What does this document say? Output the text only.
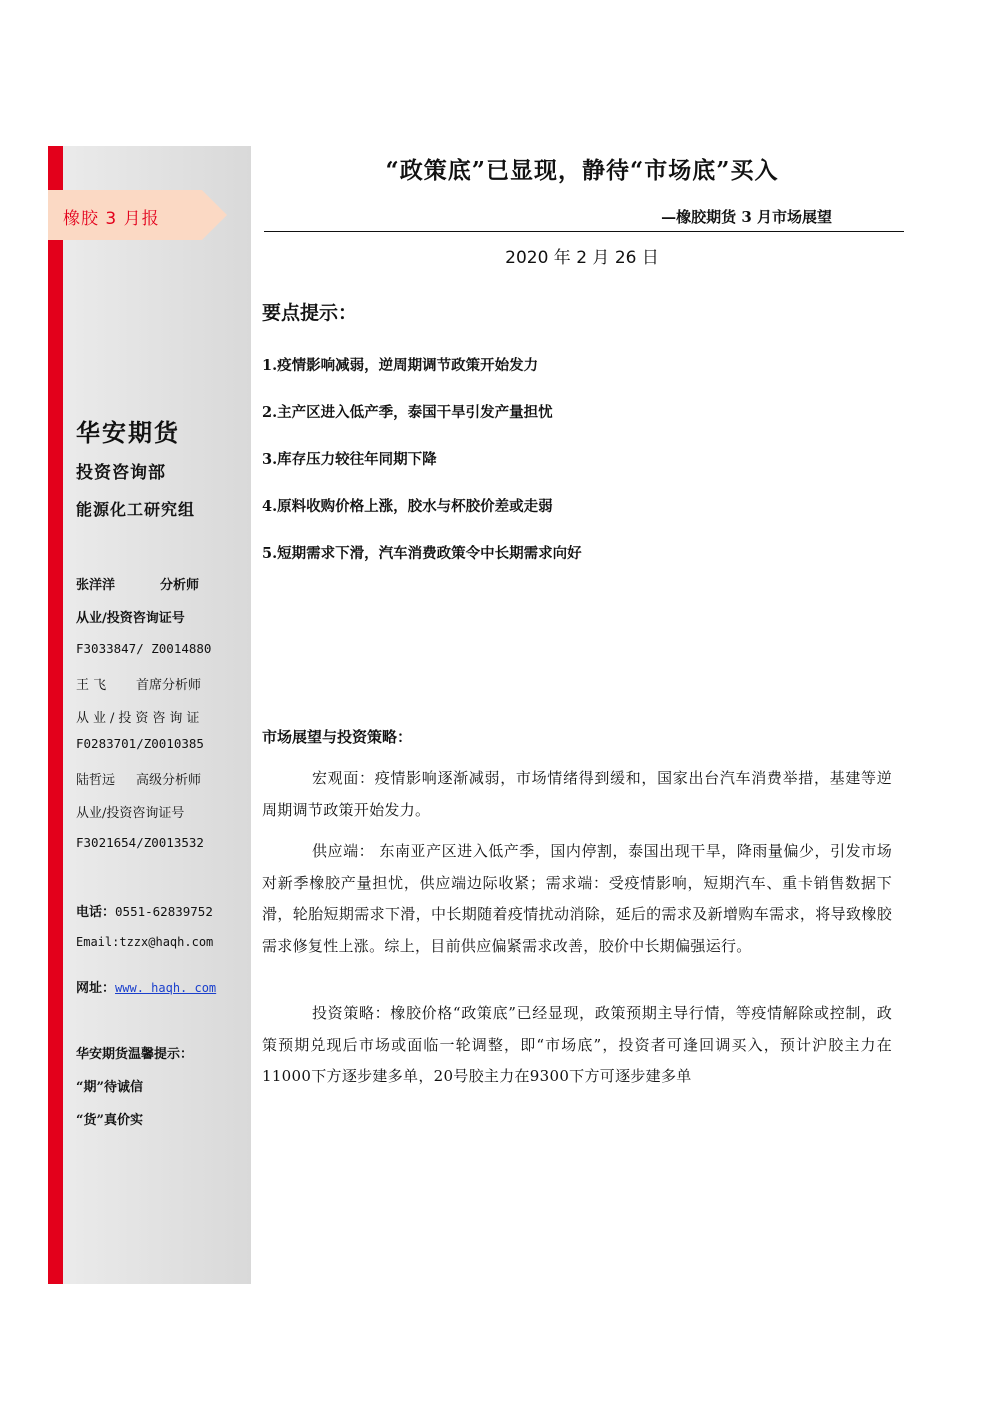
橡胶 3 月报
华安期货
投资咨询部
能源化工研究组
张洋洋	分析师
从业/投资咨询证号
F3033847/ Z0014880
王 飞 首席分析师
从业/投资咨询证
F0283701/Z0010385
陆哲远 高级分析师
从业/投资咨询证号
F3021654/Z0013532
电话：0551-62839752
Email:tzzx@haqh.com
网址：www. haqh. com
华安期货温馨提示：
“期”待诚信
“货”真价实
“政策底”已显现，静待“市场底”买入
—橡胶期货 3 月市场展望
2020 年 2 月 26 日
要点提示：
1.疫情影响减弱，逆周期调节政策开始发力
2.主产区进入低产季，泰国干旱引发产量担忧
3.库存压力较往年同期下降
4.原料收购价格上涨，胶水与杯胶价差或走弱
5.短期需求下滑，汽车消费政策令中长期需求向好
市场展望与投资策略：
宏观面：疫情影响逐渐减弱，市场情绪得到缓和，国家出台汽车消费举措，基建等逆周期调节政策开始发力。
供应端： 东南亚产区进入低产季，国内停割，泰国出现干旱，降雨量偏少，引发市场对新季橡胶产量担忧，供应端边际收紧；需求端：受疫情影响，短期汽车、重卡销售数据下滑，轮胎短期需求下滑，中长期随着疫情扰动消除，延后的需求及新增购车需求，将导致橡胶需求修复性上涨。综上，目前供应偏紧需求改善，胶价中长期偏强运行。
投资策略：橡胶价格“政策底”已经显现，政策预期主导行情，等疫情解除或控制，政策预期兑现后市场或面临一轮调整，即“市场底”，投资者可逢回调买入，预计沪胶主力在11000下方逐步建多单，20号胶主力在9300下方可逐步建多单
